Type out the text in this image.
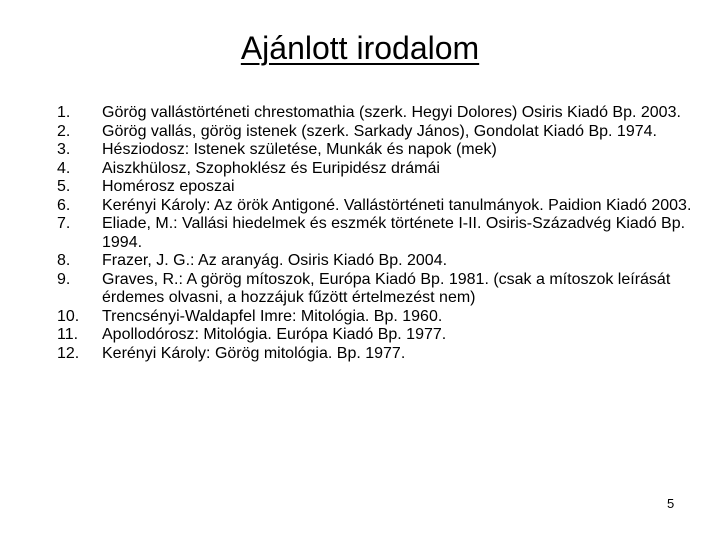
Ajánlott irodalom
1.	Görög vallástörténeti chrestomathia (szerk. Hegyi Dolores) Osiris Kiadó Bp. 2003.
2.	Görög vallás, görög istenek (szerk. Sarkady János), Gondolat Kiadó Bp. 1974.
3.	Hésziodosz: Istenek születése, Munkák és napok (mek)
4.	Aiszkhülosz, Szophoklész és Euripidész drámái
5.	Homérosz eposzai
6.	Kerényi Károly: Az örök Antigoné. Vallástörténeti tanulmányok. Paidion Kiadó 2003.
7.	Eliade, M.: Vallási hiedelmek és eszmék története I-II. Osiris-Századvég Kiadó Bp. 1994.
8.	Frazer, J. G.: Az aranyág. Osiris Kiadó Bp. 2004.
9.	Graves, R.: A görög mítoszok, Európa Kiadó Bp. 1981. (csak a mítoszok leírását érdemes olvasni, a hozzájuk fűzött értelmezést nem)
10.	Trencsényi-Waldapfel Imre: Mitológia. Bp. 1960.
11.	Apollodórosz: Mitológia. Európa Kiadó Bp. 1977.
12.	Kerényi Károly: Görög mitológia. Bp. 1977.
5
